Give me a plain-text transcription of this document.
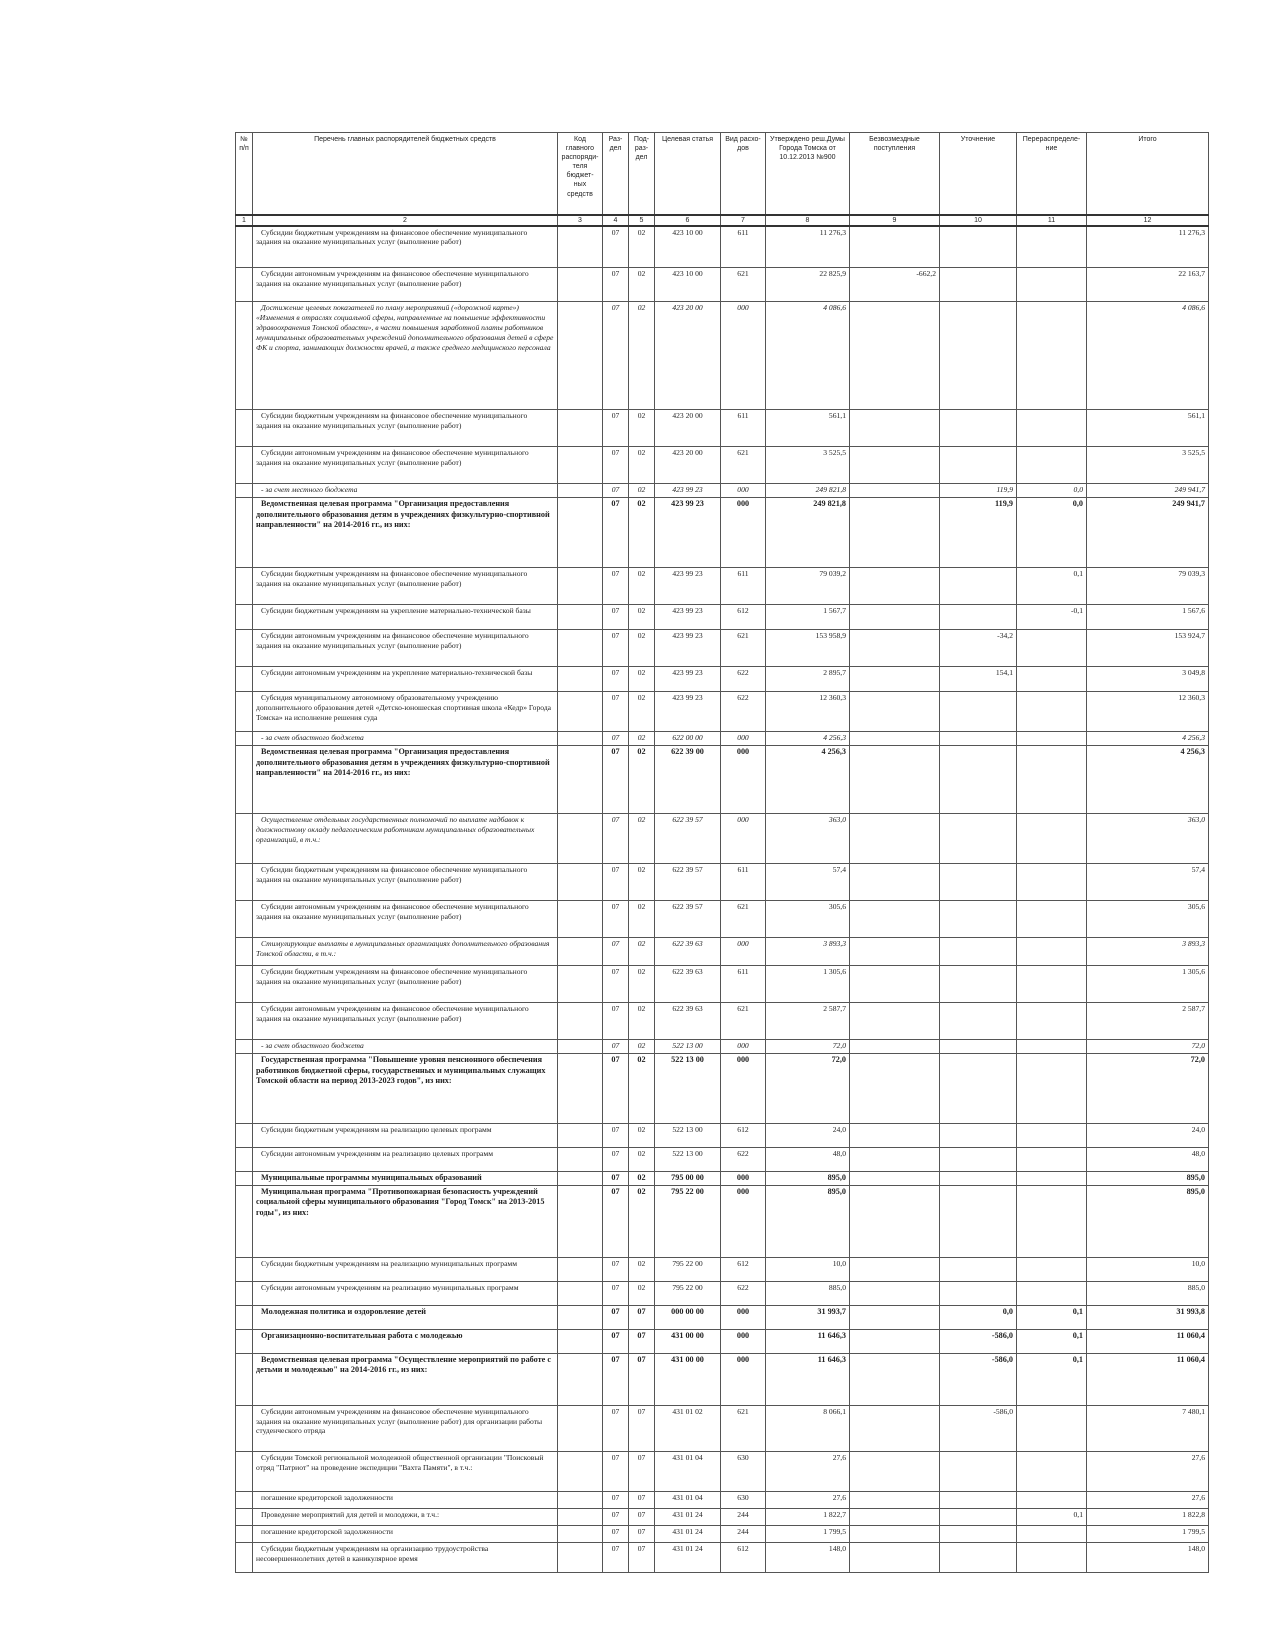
№ п/п	Перечень главных распорядителей бюджетных средств	Код главного распоряди-теля бюджет-ных средств	Раз-дел	Под-раз-дел	Целевая статья	Вид расхо-дов	Утверждено реш.Думы Города Томска от 10.12.2013 №900	Безвозмездные поступления	Уточнение	Перераспределе-ние	Итого
1	2	3	4	5	6	7	8	9	10	11	12
	Субсидии бюджетным учреждениям на финансовое обеспечение муниципального задания на оказание муниципальных услуг (выполнение работ)		07	02	423 10 00	611	11 276,3				11 276,3
	Субсидии автономным учреждениям на финансовое обеспечение муниципального задания на оказание муниципальных услуг (выполнение работ)		07	02	423 10 00	621	22 825,9	-662,2			22 163,7
	Достижение целевых показателей по плану мероприятий («дорожной карте») «Изменения в отраслях социальной сферы, направленные на повышение эффективности здравоохранения Томской области», в части повышения заработной платы работников муниципальных образовательных учреждений дополнительного образования детей в сфере ФК и спорта, занимающих должности врачей, а также среднего медицинского персонала		07	02	423 20 00	000	4 086,6				4 086,6
	Субсидии бюджетным учреждениям на финансовое обеспечение муниципального задания на оказание муниципальных услуг (выполнение работ)		07	02	423 20 00	611	561,1				561,1
	Субсидии автономным учреждениям на финансовое обеспечение муниципального задания на оказание муниципальных услуг (выполнение работ)		07	02	423 20 00	621	3 525,5				3 525,5
	- за счет местного бюджета		07	02	423 99 23	000	249 821,8		119,9	0,0	249 941,7
	Ведомственная целевая программа "Организация предоставления дополнительного образования детям в учреждениях физкультурно-спортивной направленности" на 2014-2016 гг., из них:		07	02	423 99 23	000	249 821,8		119,9	0,0	249 941,7
	Субсидии бюджетным учреждениям на финансовое обеспечение муниципального задания на оказание муниципальных услуг (выполнение работ)		07	02	423 99 23	611	79 039,2			0,1	79 039,3
	Субсидии бюджетным учреждениям на укрепление материально-технической базы		07	02	423 99 23	612	1 567,7			-0,1	1 567,6
	Субсидии автономным учреждениям на финансовое обеспечение муниципального задания на оказание муниципальных услуг (выполнение работ)		07	02	423 99 23	621	153 958,9		-34,2		153 924,7
	Субсидии автономным учреждениям на укрепление материально-технической базы		07	02	423 99 23	622	2 895,7		154,1		3 049,8
	Субсидия муниципальному автономному образовательному учреждению дополнительного образования детей «Детско-юношеская спортивная школа «Кедр» Города Томска» на исполнение решения суда		07	02	423 99 23	622	12 360,3				12 360,3
	- за счет областного бюджета		07	02	622 00 00	000	4 256,3				4 256,3
	Ведомственная целевая программа "Организация предоставления дополнительного образования детям в учреждениях физкультурно-спортивной направленности" на 2014-2016 гг., из них:		07	02	622 39 00	000	4 256,3				4 256,3
	Осуществление отдельных государственных полномочий по выплате надбавок к должностному окладу педагогическим работникам муниципальных образовательных организаций, в т.ч.:		07	02	622 39 57	000	363,0				363,0
	Субсидии бюджетным учреждениям на финансовое обеспечение муниципального задания на оказание муниципальных услуг (выполнение работ)		07	02	622 39 57	611	57,4				57,4
	Субсидии автономным учреждениям на финансовое обеспечение муниципального задания на оказание муниципальных услуг (выполнение работ)		07	02	622 39 57	621	305,6				305,6
	Стимулирующие выплаты в муниципальных организациях дополнительного образования Томской области, в т.ч.:		07	02	622 39 63	000	3 893,3				3 893,3
	Субсидии бюджетным учреждениям на финансовое обеспечение муниципального задания на оказание муниципальных услуг (выполнение работ)		07	02	622 39 63	611	1 305,6				1 305,6
	Субсидии автономным учреждениям на финансовое обеспечение муниципального задания на оказание муниципальных услуг (выполнение работ)		07	02	622 39 63	621	2 587,7				2 587,7
	- за счет областного бюджета		07	02	522 13 00	000	72,0				72,0
	Государственная программа "Повышение уровня пенсионного обеспечения работников бюджетной сферы, государственных и муниципальных служащих Томской области на период 2013-2023 годов", из них:		07	02	522 13 00	000	72,0				72,0
	Субсидии бюджетным учреждениям на реализацию целевых программ		07	02	522 13 00	612	24,0				24,0
	Субсидии автономным учреждениям на реализацию целевых программ		07	02	522 13 00	622	48,0				48,0
	Муниципальные программы муниципальных образований		07	02	795 00 00	000	895,0				895,0
	Муниципальная программа "Противопожарная безопасность учреждений социальной сферы муниципального образования "Город Томск" на 2013-2015 годы", из них:		07	02	795 22 00	000	895,0				895,0
	Субсидии бюджетным учреждениям на реализацию муниципальных программ		07	02	795 22 00	612	10,0				10,0
	Субсидии автономным учреждениям на реализацию муниципальных программ		07	02	795 22 00	622	885,0				885,0
	Молодежная политика и оздоровление детей		07	07	000 00 00	000	31 993,7		0,0	0,1	31 993,8
	Организационно-воспитательная работа с молодежью		07	07	431 00 00	000	11 646,3		-586,0	0,1	11 060,4
	Ведомственная целевая программа "Осуществление мероприятий по работе с детьми и молодежью" на 2014-2016 гг., из них:		07	07	431 00 00	000	11 646,3		-586,0	0,1	11 060,4
	Субсидии автономным учреждениям на финансовое обеспечение муниципального задания на оказание муниципальных услуг (выполнение работ) для организации работы студенческого отряда		07	07	431 01 02	621	8 066,1		-586,0		7 480,1
	Субсидии Томской региональной молодежной общественной организации "Поисковый отряд "Патриот" на проведение экспедиции "Вахта Памяти", в т.ч.:		07	07	431 01 04	630	27,6				27,6
	погашение кредиторской задолженности		07	07	431 01 04	630	27,6				27,6
	Проведение мероприятий для детей и молодежи, в т.ч.:		07	07	431 01 24	244	1 822,7			0,1	1 822,8
	погашение кредиторской задолженности		07	07	431 01 24	244	1 799,5				1 799,5
	Субсидии бюджетным учреждениям на организацию трудоустройства несовершеннолетних детей в каникулярное время		07	07	431 01 24	612	148,0				148,0
